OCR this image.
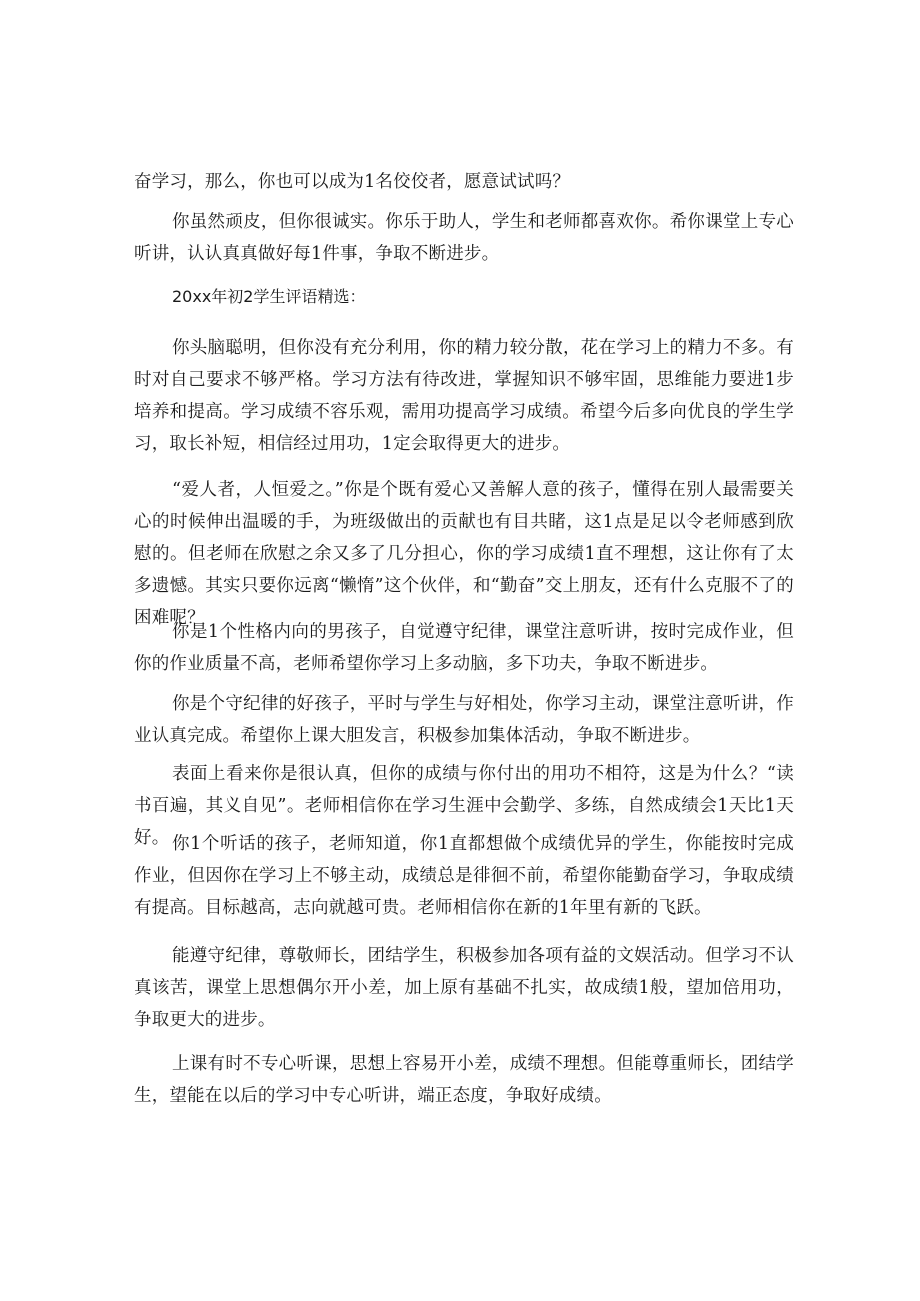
奋学习，那么，你也可以成为1名佼佼者，愿意试试吗？

你虽然顽皮，但你很诚实。你乐于助人，学生和老师都喜欢你。希你课堂上专心听讲，认认真真做好每1件事，争取不断进步。

20xx年初2学生评语精选：

你头脑聪明，但你没有充分利用，你的精力较分散，花在学习上的精力不多。有时对自己要求不够严格。学习方法有待改进，掌握知识不够牢固，思维能力要进1步培养和提高。学习成绩不容乐观，需用功提高学习成绩。希望今后多向优良的学生学习，取长补短，相信经过用功，1定会取得更大的进步。

“爱人者，人恒爱之。”你是个既有爱心又善解人意的孩子，懂得在别人最需要关心的时候伸出温暖的手，为班级做出的贡献也有目共睹，这1点是足以令老师感到欣慰的。但老师在欣慰之余又多了几分担心，你的学习成绩1直不理想，这让你有了太多遗憾。其实只要你远离“懒惰”这个伙伴，和“勤奋”交上朋友，还有什么克服不了的困难呢？

你是1个性格内向的男孩子，自觉遵守纪律，课堂注意听讲，按时完成作业，但你的作业质量不高，老师希望你学习上多动脑，多下功夫，争取不断进步。

你是个守纪律的好孩子，平时与学生与好相处，你学习主动，课堂注意听讲，作业认真完成。希望你上课大胆发言，积极参加集体活动，争取不断进步。

表面上看来你是很认真，但你的成绩与你付出的用功不相符，这是为什么？“读书百遍，其义自见”。老师相信你在学习生涯中会勤学、多练，自然成绩会1天比1天好。 你1个听话的孩子，老师知道，你1直都想做个成绩优异的学生，你能按时完成作业，但因你在学习上不够主动，成绩总是徘徊不前，希望你能勤奋学习，争取成绩有提高。目标越高，志向就越可贵。老师相信你在新的1年里有新的飞跃。

能遵守纪律，尊敬师长，团结学生，积极参加各项有益的文娱活动。但学习不认真该苦，课堂上思想偶尔开小差，加上原有基础不扎实，故成绩1般，望加倍用功，争取更大的进步。

上课有时不专心听课，思想上容易开小差，成绩不理想。但能尊重师长，团结学生，望能在以后的学习中专心听讲，端正态度，争取好成绩。
